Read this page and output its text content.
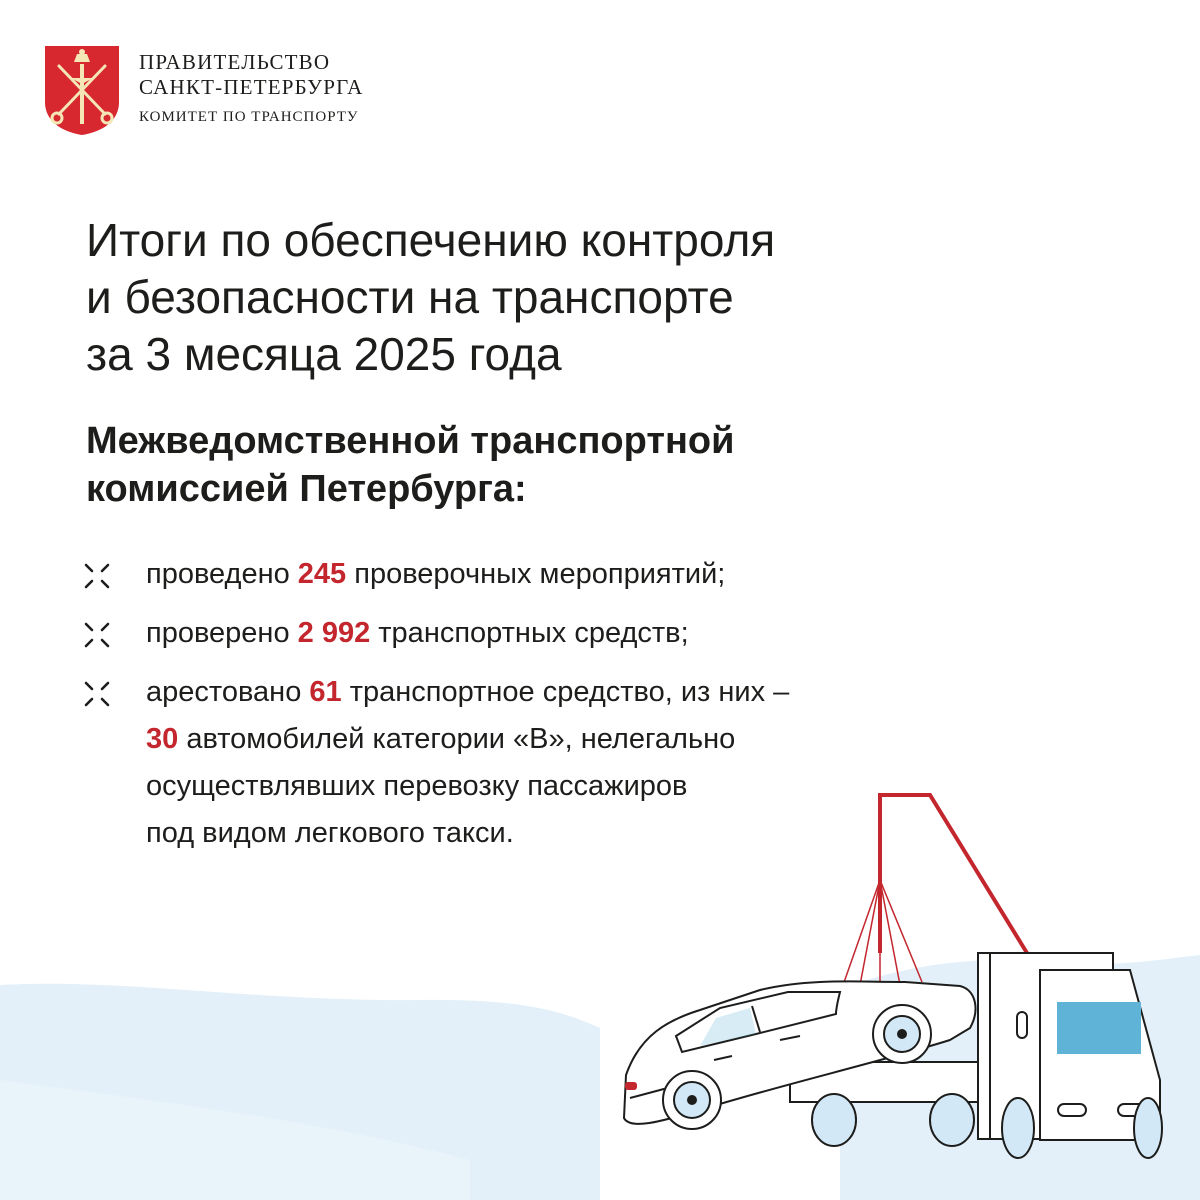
ПРАВИТЕЛЬСТВО
САНКТ-ПЕТЕРБУРГА
КОМИТЕТ ПО ТРАНСПОРТУ
Итоги по обеспечению контроля
и безопасности на транспорте
за 3 месяца 2025 года
Межведомственной транспортной
комиссией Петербурга:
проведено 245 проверочных мероприятий;
проверено 2 992 транспортных средств;
арестовано 61 транспортное средство, из них –
30 автомобилей категории «В», нелегально
осуществлявших перевозку пассажиров
под видом легкового такси.
